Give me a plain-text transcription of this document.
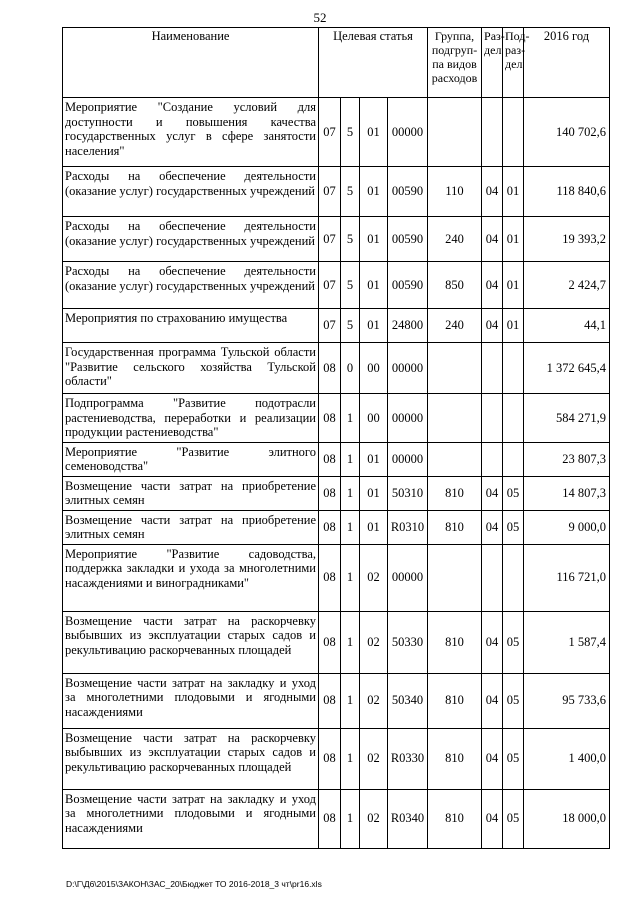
52
Наименование	Целевая статья				Группа, подгруп-па видов расходов	Раз-дел	Под-раз-дел	2016 год
Мероприятие "Создание условий для доступности и повышения качества государственных услуг в сфере занятости населения"	07	5	01	00000				140 702,6
Расходы на обеспечение деятельности (оказание услуг) государственных учреждений	07	5	01	00590	110	04	01	118 840,6
Расходы на обеспечение деятельности (оказание услуг) государственных учреждений	07	5	01	00590	240	04	01	19 393,2
Расходы на обеспечение деятельности (оказание услуг) государственных учреждений	07	5	01	00590	850	04	01	2 424,7
Мероприятия по страхованию имущества	07	5	01	24800	240	04	01	44,1
Государственная программа Тульской области "Развитие сельского хозяйства Тульской области"	08	0	00	00000				1 372 645,4
Подпрограмма "Развитие подотрасли растениеводства, переработки и реализации продукции растениеводства"	08	1	00	00000				584 271,9
Мероприятие "Развитие элитного семеноводства"	08	1	01	00000				23 807,3
Возмещение части затрат на приобретение элитных семян	08	1	01	50310	810	04	05	14 807,3
Возмещение части затрат на приобретение элитных семян	08	1	01	R0310	810	04	05	9 000,0
Мероприятие "Развитие садоводства, поддержка закладки и ухода за многолетними насаждениями и виноградниками"	08	1	02	00000				116 721,0
Возмещение части затрат на раскорчевку выбывших из эксплуатации старых садов и рекультивацию раскорчеванных площадей	08	1	02	50330	810	04	05	1 587,4
Возмещение части затрат на закладку и уход за многолетними плодовыми и ягодными насаждениями	08	1	02	50340	810	04	05	95 733,6
Возмещение части затрат на раскорчевку выбывших из эксплуатации старых садов и рекультивацию раскорчеванных площадей	08	1	02	R0330	810	04	05	1 400,0
Возмещение части затрат на закладку и уход за многолетними плодовыми и ягодными насаждениями	08	1	02	R0340	810	04	05	18 000,0
D:\Г\Д6\2015\ЗАКОН\ЗАС_20\Бюджет ТО 2016-2018_3 чт\pr16.xls
